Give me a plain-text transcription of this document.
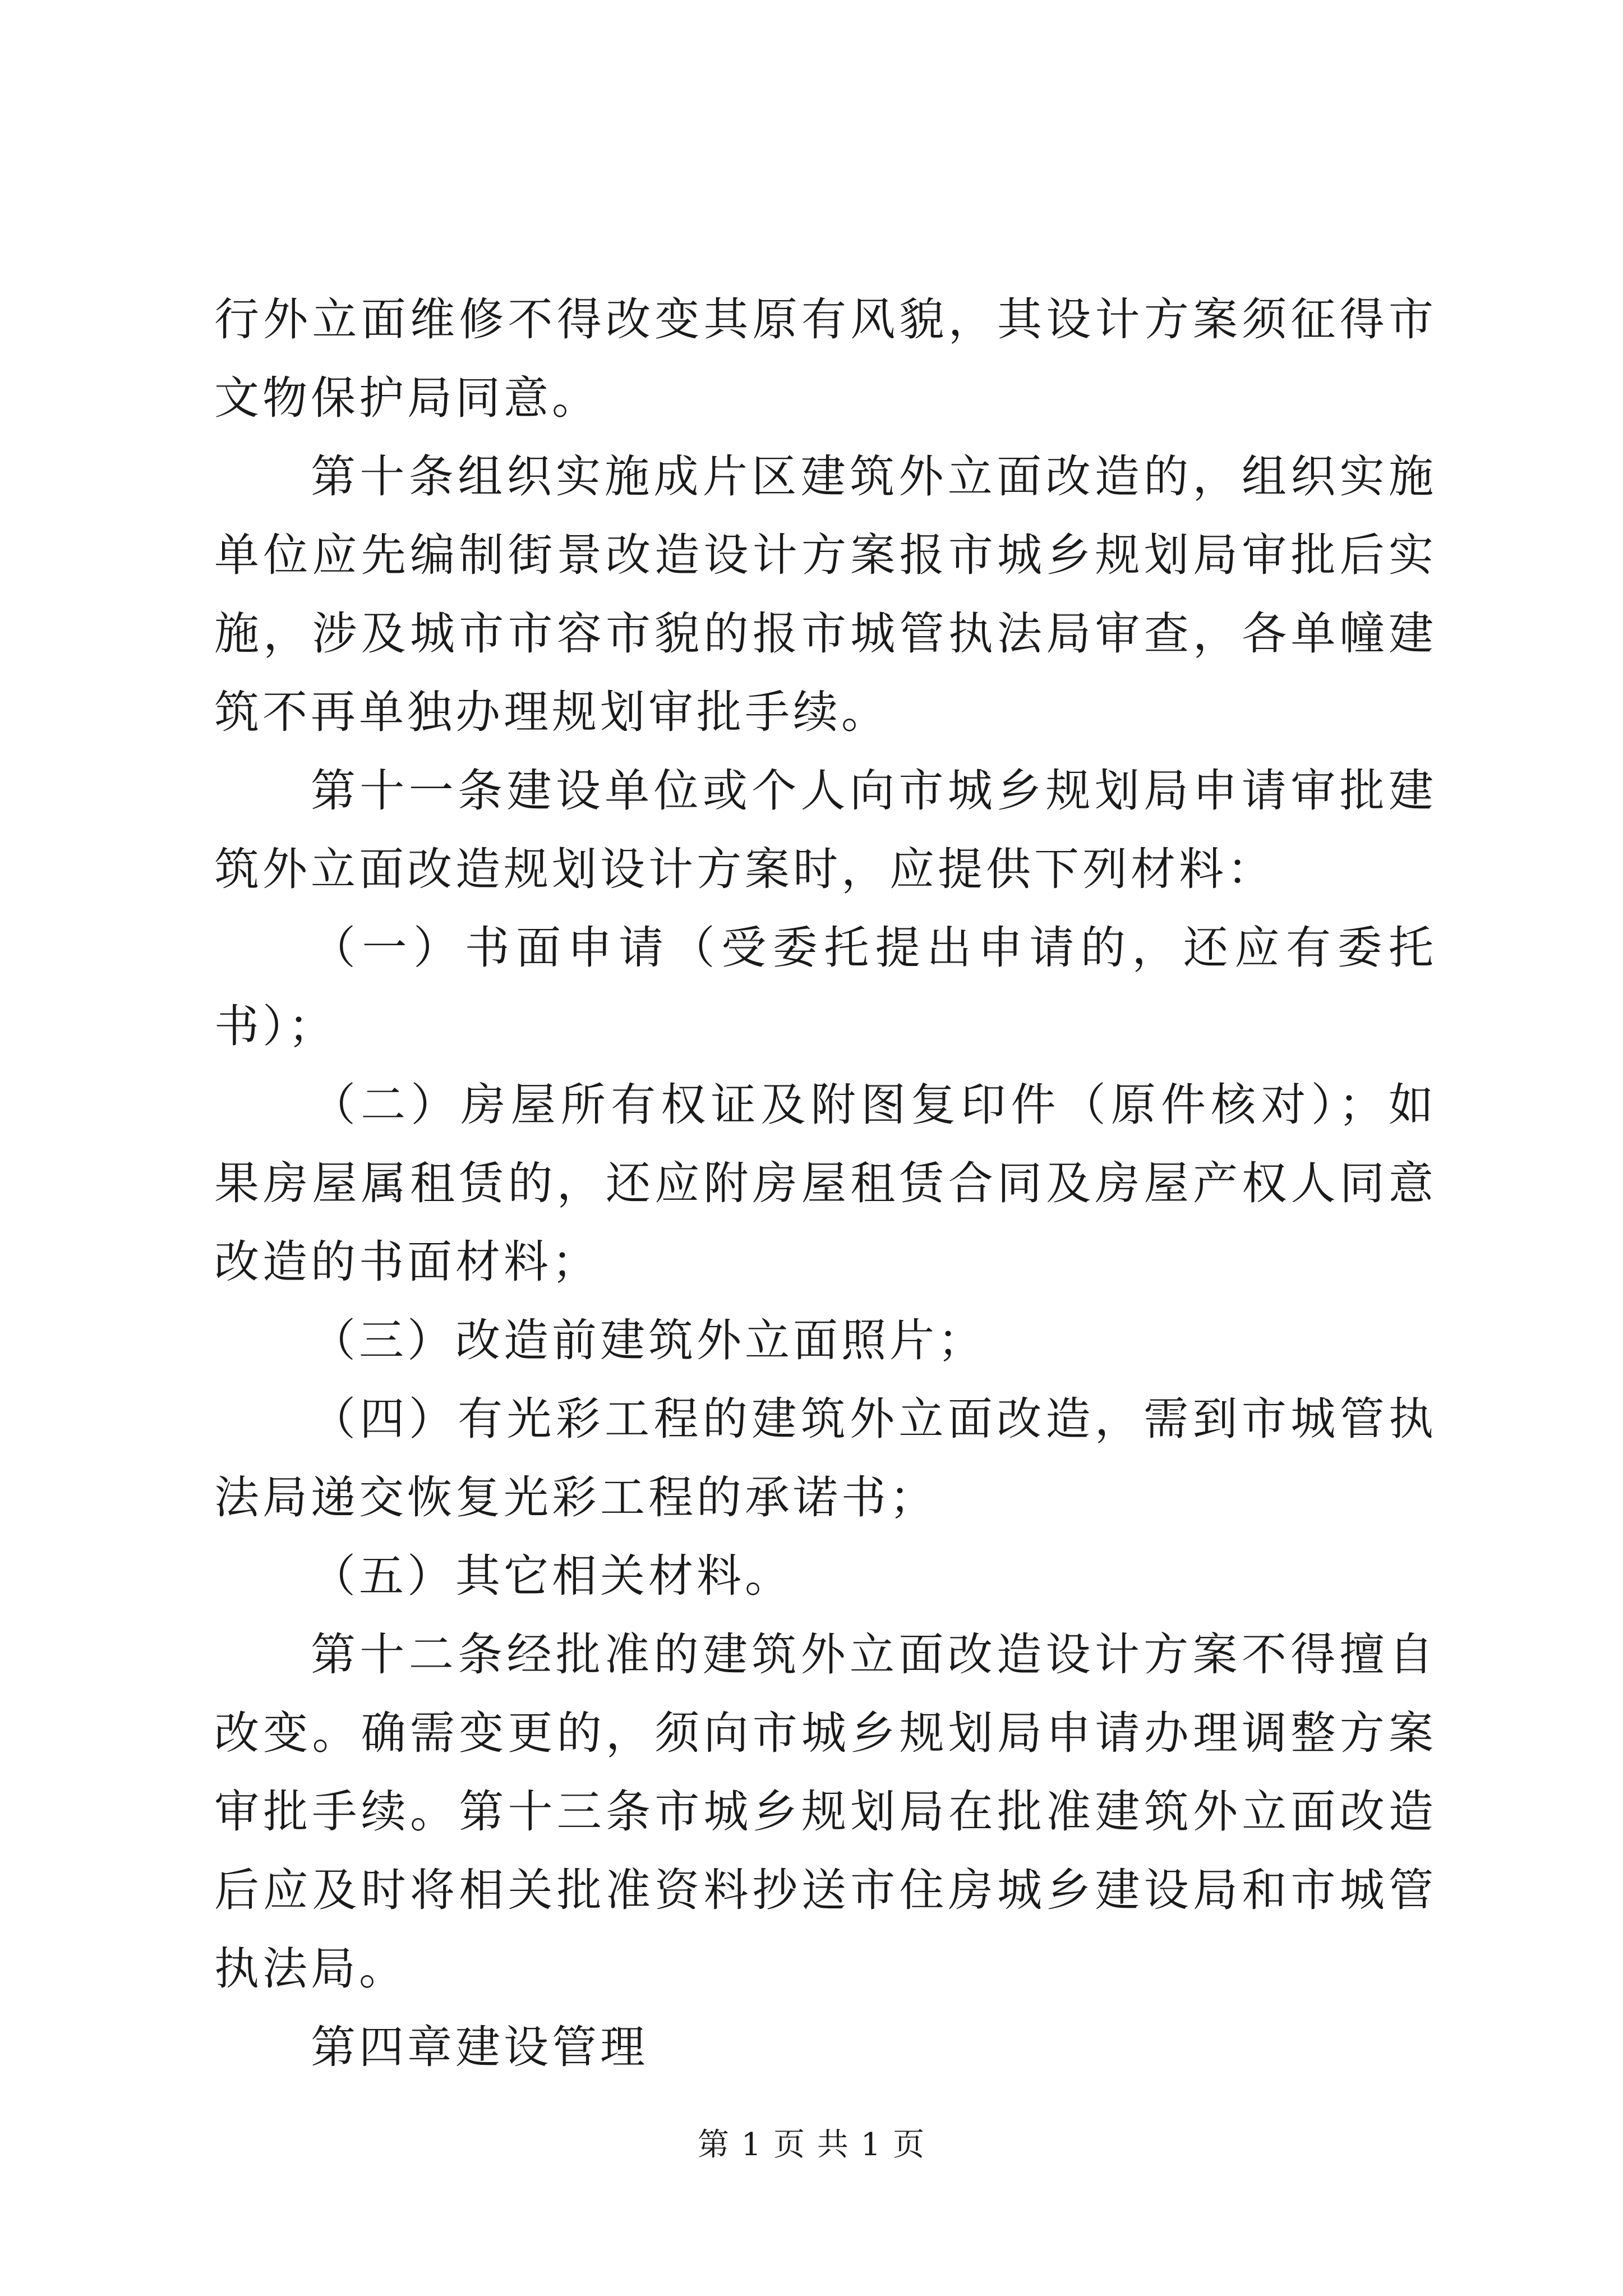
行外立面维修不得改变其原有风貌，其设计方案须征得市文物保护局同意。

第十条组织实施成片区建筑外立面改造的，组织实施单位应先编制街景改造设计方案报市城乡规划局审批后实施，涉及城市市容市貌的报市城管执法局审查，各单幢建筑不再单独办理规划审批手续。

第十一条建设单位或个人向市城乡规划局申请审批建筑外立面改造规划设计方案时，应提供下列材料：

（一）书面申请（受委托提出申请的，还应有委托书）；

（二）房屋所有权证及附图复印件（原件核对）；如果房屋属租赁的，还应附房屋租赁合同及房屋产权人同意改造的书面材料；

（三）改造前建筑外立面照片；

（四）有光彩工程的建筑外立面改造，需到市城管执法局递交恢复光彩工程的承诺书；

（五）其它相关材料。

第十二条经批准的建筑外立面改造设计方案不得擅自改变。确需变更的，须向市城乡规划局申请办理调整方案审批手续。第十三条市城乡规划局在批准建筑外立面改造后应及时将相关批准资料抄送市住房城乡建设局和市城管执法局。

第四章建设管理

第 1 页 共 1 页
